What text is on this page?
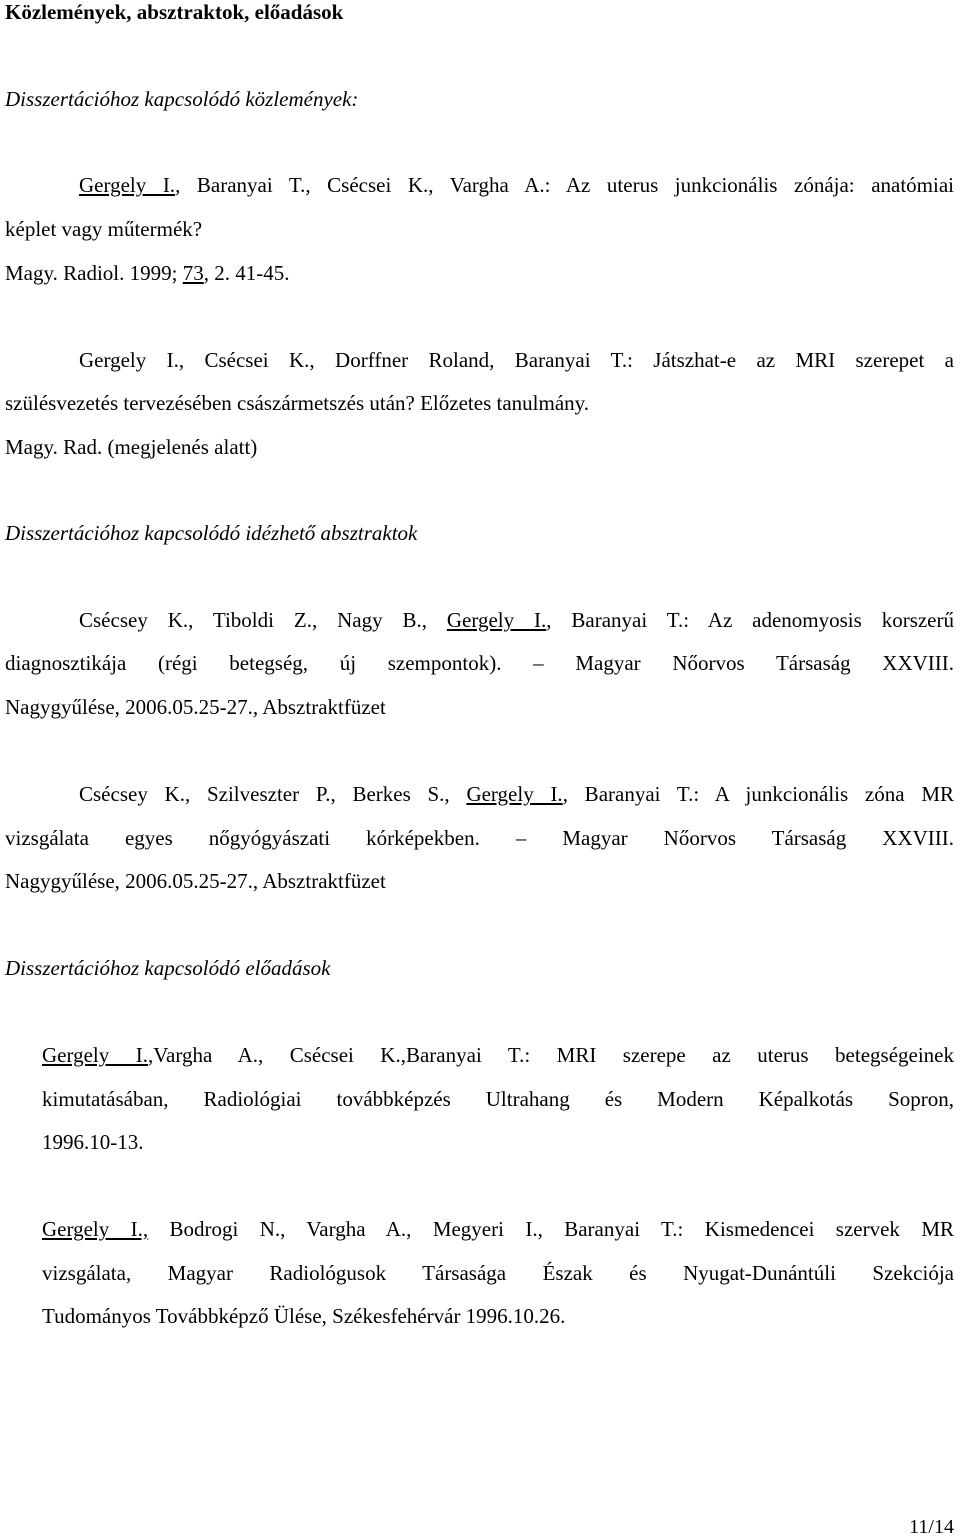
Közlemények, absztraktok, előadások
Disszertációhoz kapcsolódó közlemények:
Gergely I., Baranyai T., Csécsei K., Vargha A.: Az uterus junkcionális zónája: anatómiai
képlet vagy műtermék?
Magy. Radiol. 1999; 73, 2. 41-45.
Gergely I., Csécsei K., Dorffner Roland, Baranyai T.: Játszhat-e az MRI szerepet a
szülésvezetés tervezésében császármetszés után? Előzetes tanulmány.
Magy. Rad. (megjelenés alatt)
Disszertációhoz kapcsolódó idézhető absztraktok
Csécsey K., Tiboldi Z., Nagy B., Gergely I., Baranyai T.: Az adenomyosis korszerű
diagnosztikája (régi betegség, új szempontok). – Magyar Nőorvos Társaság XXVIII.
Nagygyűlése, 2006.05.25-27., Absztraktfüzet
Csécsey K., Szilveszter P., Berkes S., Gergely I., Baranyai T.: A junkcionális zóna MR
vizsgálata egyes nőgyógyászati kórképekben. – Magyar Nőorvos Társaság XXVIII.
Nagygyűlése, 2006.05.25-27., Absztraktfüzet
Disszertációhoz kapcsolódó előadások
Gergely I.,Vargha A., Csécsei K.,Baranyai T.: MRI szerepe az uterus betegségeinek
kimutatásában, Radiológiai továbbképzés Ultrahang és Modern Képalkotás Sopron,
1996.10-13.
Gergely I., Bodrogi N., Vargha A., Megyeri I., Baranyai T.: Kismedencei szervek MR
vizsgálata, Magyar Radiológusok Társasága Észak és Nyugat-Dunántúli Szekciója
Tudományos Továbbképző Ülése, Székesfehérvár 1996.10.26.
11/14
